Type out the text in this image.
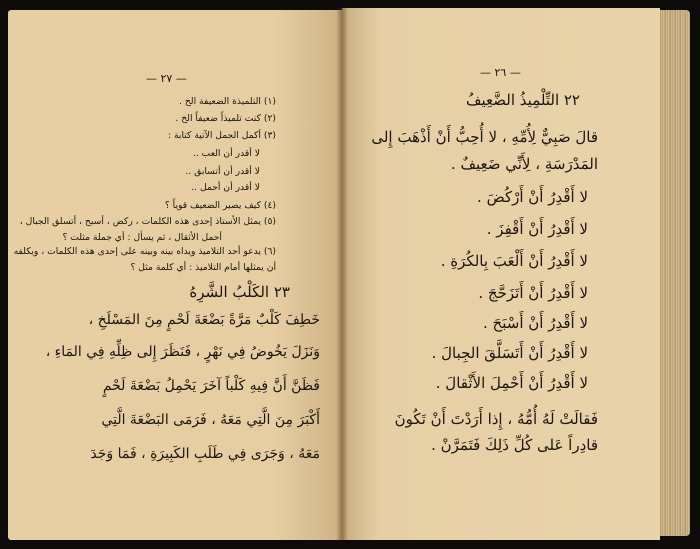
— ٢٧ —
(١) التلميذة الضعيفة الخ .
(٢) كنت تلميذاً ضعيفاً الخ .
(٣) أكمل الجمل الآتية كتابة :
لا أقدر أن العب ..
لا أقدر أن أتسابق ..
لا أقدر أن أحمل ..
(٤) كيف يصير الضعيف قوياً ؟
(٥) يمثل الأستاذ إحدى هذه الكلمات ، ركض ، أسبح ، أتسلق الجبال ،
أحمل الأثقال ، ثم يسأل : أي جملة مثلت ؟
(٦) يدعو أحد التلاميذ ويداه بينه وبينه على إحدى هذه الكلمات ، ويكلفه
أن يمثلها أمام التلاميذ : أي كلمة مثل ؟
٢٣ الكَلْبُ الشَّرِهُ
خَطِفَ كَلْبٌ مَرَّةً بَضْعَةَ لَحْمٍ مِنَ المَسْلَخِ ،
وَنَزَلَ يَخُوضُ فِي نَهْرٍ ، فَنَظَرَ إِلى ظِلِّهِ فِي المَاءِ ،
فَظَنَّ أَنَّ فِيهِ كَلْباً آخَرَ يَحْمِلُ بَضْعَةَ لَحْمٍ
أَكْبَرَ مِنَ الَّتِي مَعَهُ ، فَرَمَى البَضْعَةَ الَّتِي
مَعَهُ ، وَجَرَى فِي طَلَبِ الكَبِيرَةِ ، فَمَا وَجَدَ
— ٢٦ —
٢٢ التِّلْمِيذُ الضَّعِيفُ
قالَ صَبِيٌّ لِأُمِّهِ ، لا أُحِبُّ أَنْ أَذْهَبَ إِلى
المَدْرَسَةِ ، لِأَنِّي ضَعِيفٌ .
لا أَقْدِرُ أَنْ أَرْكُضَ .
لا أَقْدِرُ أَنْ أَقْفِزَ .
لا أَقْدِرُ أَنْ أَلْعَبَ بِالكُرَةِ .
لا أَقْدِرُ أَنْ أَتَزَحَّجَ .
لا أَقْدِرُ أَنْ أَسْبَحَ .
لا أَقْدِرُ أَنْ أَتَسَلَّقَ الجِبالَ .
لا أَقْدِرُ أَنْ أَحْمِلَ الأَثْقالَ .
فَقالَتْ لَهُ أُمُّهُ ، إِذا أَرَدْتَ أَنْ تَكُونَ
قادِراً عَلى كُلِّ ذَلِكَ فَتَمَرَّنْ .
